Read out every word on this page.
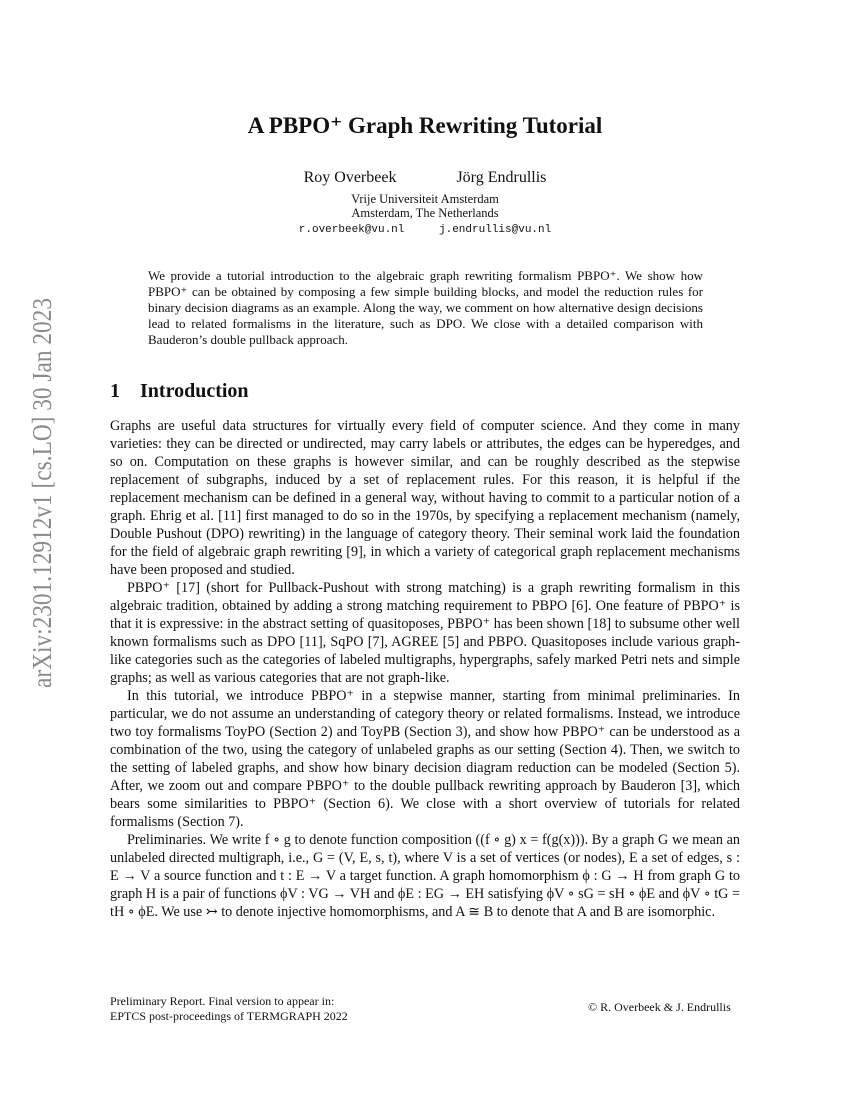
arXiv:2301.12912v1 [cs.LO] 30 Jan 2023
A PBPO⁺ Graph Rewriting Tutorial
Roy Overbeek	Jörg Endrullis
Vrije Universiteit Amsterdam
Amsterdam, The Netherlands
r.overbeek@vu.nl	j.endrullis@vu.nl
We provide a tutorial introduction to the algebraic graph rewriting formalism PBPO⁺. We show how PBPO⁺ can be obtained by composing a few simple building blocks, and model the reduction rules for binary decision diagrams as an example. Along the way, we comment on how alternative design decisions lead to related formalisms in the literature, such as DPO. We close with a detailed comparison with Bauderon’s double pullback approach.
1 Introduction

Graphs are useful data structures for virtually every field of computer science. And they come in many varieties: they can be directed or undirected, may carry labels or attributes, the edges can be hyperedges, and so on. Computation on these graphs is however similar, and can be roughly described as the stepwise replacement of subgraphs, induced by a set of replacement rules. For this reason, it is helpful if the replacement mechanism can be defined in a general way, without having to commit to a particular notion of a graph. Ehrig et al. [11] first managed to do so in the 1970s, by specifying a replacement mechanism (namely, Double Pushout (DPO) rewriting) in the language of category theory. Their seminal work laid the foundation for the field of algebraic graph rewriting [9], in which a variety of categorical graph replacement mechanisms have been proposed and studied.

PBPO⁺ [17] (short for Pullback-Pushout with strong matching) is a graph rewriting formalism in this algebraic tradition, obtained by adding a strong matching requirement to PBPO [6]. One feature of PBPO⁺ is that it is expressive: in the abstract setting of quasitoposes, PBPO⁺ has been shown [18] to subsume other well known formalisms such as DPO [11], SqPO [7], AGREE [5] and PBPO. Quasitoposes include various graph-like categories such as the categories of labeled multigraphs, hypergraphs, safely marked Petri nets and simple graphs; as well as various categories that are not graph-like.

In this tutorial, we introduce PBPO⁺ in a stepwise manner, starting from minimal preliminaries. In particular, we do not assume an understanding of category theory or related formalisms. Instead, we introduce two toy formalisms ToyPO (Section 2) and ToyPB (Section 3), and show how PBPO⁺ can be understood as a combination of the two, using the category of unlabeled graphs as our setting (Section 4). Then, we switch to the setting of labeled graphs, and show how binary decision diagram reduction can be modeled (Section 5). After, we zoom out and compare PBPO⁺ to the double pullback rewriting approach by Bauderon [3], which bears some similarities to PBPO⁺ (Section 6). We close with a short overview of tutorials for related formalisms (Section 7).

Preliminaries. We write f ∘ g to denote function composition ((f ∘ g) x = f(g(x))). By a graph G we mean an unlabeled directed multigraph, i.e., G = (V, E, s, t), where V is a set of vertices (or nodes), E a set of edges, s : E → V a source function and t : E → V a target function. A graph homomorphism ϕ : G → H from graph G to graph H is a pair of functions ϕV : VG → VH and ϕE : EG → EH satisfying ϕV ∘ sG = sH ∘ ϕE and ϕV ∘ tG = tH ∘ ϕE. We use ↣ to denote injective homomorphisms, and A ≅ B to denote that A and B are isomorphic.

Preliminary Report. Final version to appear in:
EPTCS post-proceedings of TERMGRAPH 2022
© R. Overbeek & J. Endrullis
